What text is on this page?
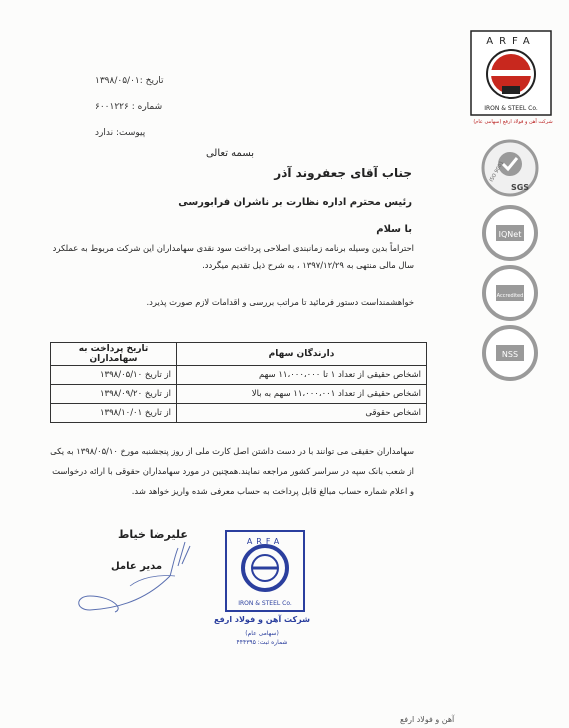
تاریخ :۱۳۹۸/۰۵/۰۱
شماره : ۶۰۰۱۲۲۶
پیوست: ندارد
بسمه تعالی
جناب آقای جعفروند آذر
رئیس محترم اداره نظارت بر ناشران فرابورسی
با سلام
احتراماً بدین وسیله برنامه زمانبندی اصلاحی پرداخت سود نقدی سهامداران این شرکت مربوط به عملکرد سال مالی منتهی به ۱۳۹۷/۱۲/۲۹ ، به شرح ذیل تقدیم میگردد.
خواهشمنداست دستور فرمائید تا مراتب بررسی و اقدامات لازم صورت پذیرد.
دارندگان سهام	تاریخ پرداخت به سهامداران
اشخاص حقیقی از تعداد ۱ تا ۱۱،۰۰۰،۰۰۰ سهم	از تاریخ ۱۳۹۸/۰۵/۱۰
اشخاص حقیقی از تعداد ۱۱،۰۰۰،۰۰۱ سهم به بالا	از تاریخ ۱۳۹۸/۰۹/۲۰
اشخاص حقوقی	از تاریخ ۱۳۹۸/۱۰/۰۱
سهامداران حقیقی می توانند با در دست داشتن اصل کارت ملی از روز پنجشنبه مورخ ۱۳۹۸/۰۵/۱۰ به یکی از شعب بانک سپه در سراسر کشور مراجعه نمایند.همچنین در مورد سهامداران حقوقی با ارائه درخواست و اعلام شماره حساب مبالغ قابل پرداخت به حساب معرفی شده واریز خواهد شد.
علیرضا خیاط
مدیر عامل
ARFA
IRON & STEEL Co.
شرکت آهن و فولاد ارفع
(سهامی عام)
شماره ثبت: ۴۴۴۳۹۵
ARFA
IRON & STEEL Co.
شرکت آهن و فولاد ارفع (سهامی عام)
SGS
ISO 9001
IQNet
Accredited
NSS
آهن و فولاد ارفع
